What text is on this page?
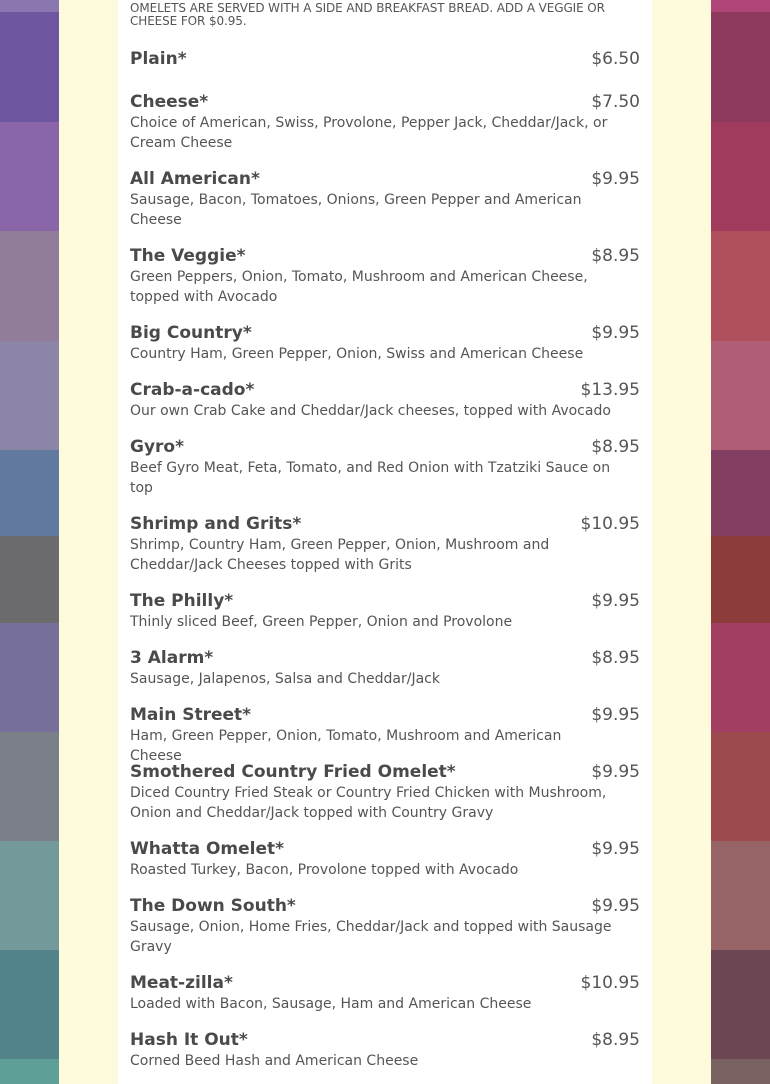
OMELETS ARE SERVED WITH A SIDE AND BREAKFAST BREAD. ADD A VEGGIE OR CHEESE FOR $0.95.
Plain*	$6.50
Cheese*	$7.50
Choice of American, Swiss, Provolone, Pepper Jack, Cheddar/Jack, or Cream Cheese
All American*	$9.95
Sausage, Bacon, Tomatoes, Onions, Green Pepper and American Cheese
The Veggie*	$8.95
Green Peppers, Onion, Tomato, Mushroom and American Cheese, topped with Avocado
Big Country*	$9.95
Country Ham, Green Pepper, Onion, Swiss and American Cheese
Crab-a-cado*	$13.95
Our own Crab Cake and Cheddar/Jack cheeses, topped with Avocado
Gyro*	$8.95
Beef Gyro Meat, Feta, Tomato, and Red Onion with Tzatziki Sauce on top
Shrimp and Grits*	$10.95
Shrimp, Country Ham, Green Pepper, Onion, Mushroom and Cheddar/Jack Cheeses topped with Grits
The Philly*	$9.95
Thinly sliced Beef, Green Pepper, Onion and Provolone
3 Alarm*	$8.95
Sausage, Jalapenos, Salsa and Cheddar/Jack
Main Street*	$9.95
Ham, Green Pepper, Onion, Tomato, Mushroom and American Cheese
Smothered Country Fried Omelet*	$9.95
Diced Country Fried Steak or Country Fried Chicken with Mushroom, Onion and Cheddar/Jack topped with Country Gravy
Whatta Omelet*	$9.95
Roasted Turkey, Bacon, Provolone topped with Avocado
The Down South*	$9.95
Sausage, Onion, Home Fries, Cheddar/Jack and topped with Sausage Gravy
Meat-zilla*	$10.95
Loaded with Bacon, Sausage, Ham and American Cheese
Hash It Out*	$8.95
Corned Beed Hash and American Cheese
